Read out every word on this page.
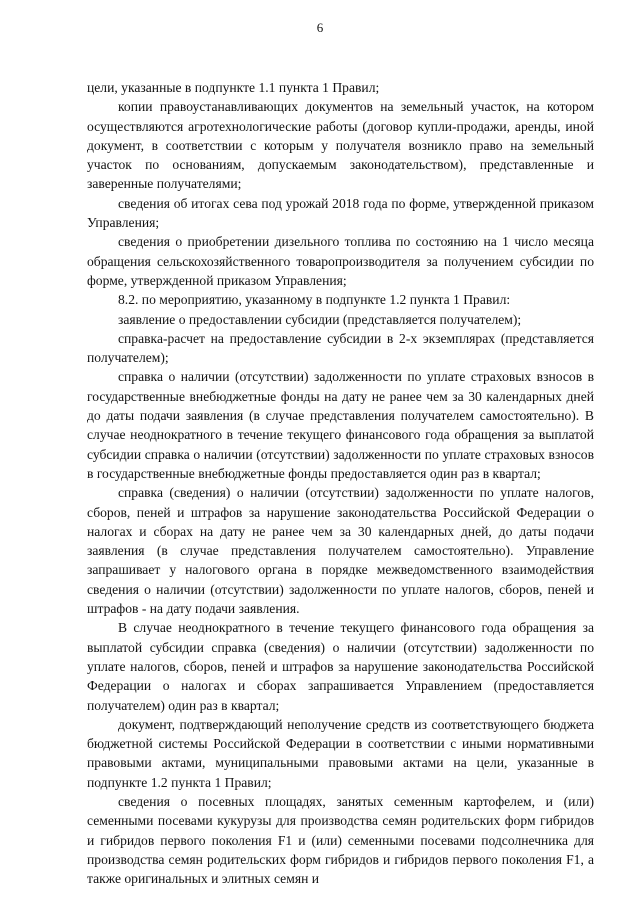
6

цели, указанные в подпункте 1.1 пункта 1 Правил;

копии правоустанавливающих документов на земельный участок, на котором осуществляются агротехнологические работы (договор купли-продажи, аренды, иной документ, в соответствии с которым у получателя возникло право на земельный участок по основаниям, допускаемым законодательством), представленные и заверенные получателями;

сведения об итогах сева под урожай 2018 года по форме, утвержденной приказом Управления;

сведения о приобретении дизельного топлива по состоянию на 1 число месяца обращения сельскохозяйственного товаропроизводителя за получением субсидии по форме, утвержденной приказом Управления;

8.2. по мероприятию, указанному в подпункте 1.2 пункта 1 Правил:

заявление о предоставлении субсидии (представляется получателем);

справка-расчет на предоставление субсидии в 2-х экземплярах (представляется получателем);

справка о наличии (отсутствии) задолженности по уплате страховых взносов в государственные внебюджетные фонды на дату не ранее чем за 30 календарных дней до даты подачи заявления (в случае представления получателем самостоятельно). В случае неоднократного в течение текущего финансового года обращения за выплатой субсидии справка о наличии (отсутствии) задолженности по уплате страховых взносов в государственные внебюджетные фонды предоставляется один раз в квартал;

справка (сведения) о наличии (отсутствии) задолженности по уплате налогов, сборов, пеней и штрафов за нарушение законодательства Российской Федерации о налогах и сборах на дату не ранее чем за 30 календарных дней, до даты подачи заявления (в случае представления получателем самостоятельно). Управление запрашивает у налогового органа в порядке межведомственного взаимодействия сведения о наличии (отсутствии) задолженности по уплате налогов, сборов, пеней и штрафов - на дату подачи заявления.

В случае неоднократного в течение текущего финансового года обращения за выплатой субсидии справка (сведения) о наличии (отсутствии) задолженности по уплате налогов, сборов, пеней и штрафов за нарушение законодательства Российской Федерации о налогах и сборах запрашивается Управлением (предоставляется получателем) один раз в квартал;

документ, подтверждающий неполучение средств из соответствующего бюджета бюджетной системы Российской Федерации в соответствии с иными нормативными правовыми актами, муниципальными правовыми актами на цели, указанные в подпункте 1.2 пункта 1 Правил;

сведения о посевных площадях, занятых семенным картофелем, и (или) семенными посевами кукурузы для производства семян родительских форм гибридов и гибридов первого поколения F1 и (или) семенными посевами подсолнечника для производства семян родительских форм гибридов и гибридов первого поколения F1, а также оригинальных и элитных семян и
